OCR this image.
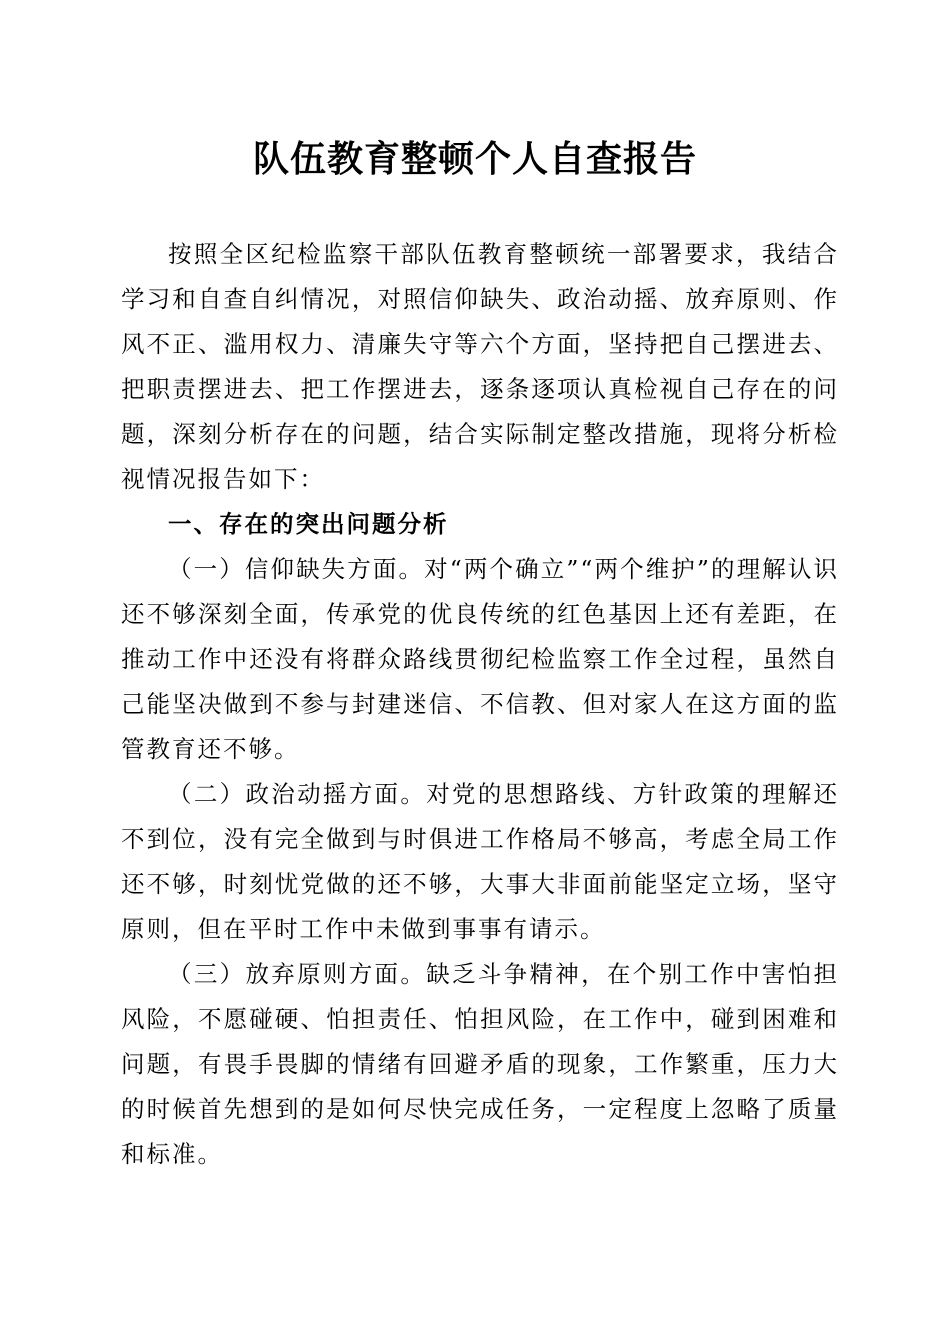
队伍教育整顿个人自查报告

按照全区纪检监察干部队伍教育整顿统一部署要求，我结合学习和自查自纠情况，对照信仰缺失、政治动摇、放弃原则、作风不正、滥用权力、清廉失守等六个方面，坚持把自己摆进去、把职责摆进去、把工作摆进去，逐条逐项认真检视自己存在的问题，深刻分析存在的问题，结合实际制定整改措施，现将分析检视情况报告如下：

一、存在的突出问题分析

（一）信仰缺失方面。对“两个确立”“两个维护”的理解认识还不够深刻全面，传承党的优良传统的红色基因上还有差距，在推动工作中还没有将群众路线贯彻纪检监察工作全过程，虽然自己能坚决做到不参与封建迷信、不信教、但对家人在这方面的监管教育还不够。

（二）政治动摇方面。对党的思想路线、方针政策的理解还不到位，没有完全做到与时俱进工作格局不够高，考虑全局工作还不够，时刻忧党做的还不够，大事大非面前能坚定立场，坚守原则，但在平时工作中未做到事事有请示。

（三）放弃原则方面。缺乏斗争精神，在个别工作中害怕担风险，不愿碰硬、怕担责任、怕担风险，在工作中，碰到困难和问题，有畏手畏脚的情绪有回避矛盾的现象，工作繁重，压力大的时候首先想到的是如何尽快完成任务，一定程度上忽略了质量和标准。
